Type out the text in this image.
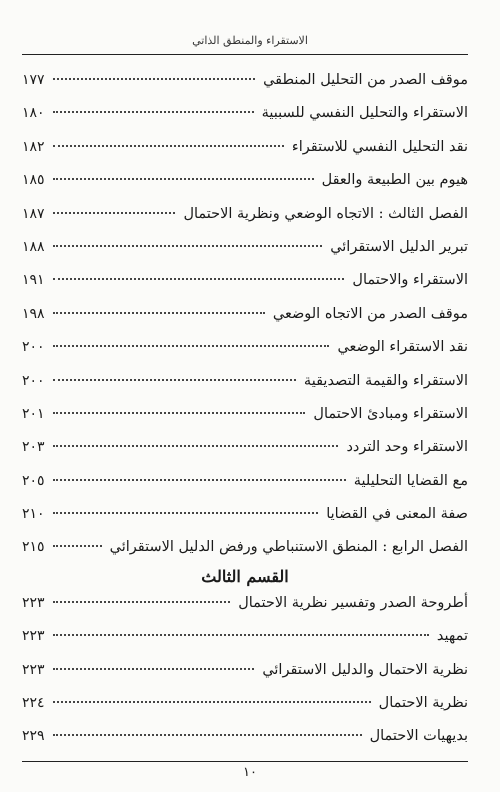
الاستقراء والمنطق الذاتي
موقف الصدر من التحليل المنطقي
١٧٧
الاستقراء والتحليل النفسي للسببية
١٨٠
نقد التحليل النفسي للاستقراء
١٨٢
هيوم بين الطبيعة والعقل
١٨٥
الفصل الثالث : الاتجاه الوضعي ونظرية الاحتمال
١٨٧
تبرير الدليل الاستقرائي
١٨٨
الاستقراء والاحتمال
١٩١
موقف الصدر من الاتجاه الوضعي
١٩٨
نقد الاستقراء الوضعي
٢٠٠
الاستقراء والقيمة التصديقية
٢٠٠
الاستقراء ومبادئ الاحتمال
٢٠١
الاستقراء وحد التردد
٢٠٣
مع القضايا التحليلية
٢٠٥
صفة المعنى في القضايا
٢١٠
الفصل الرابع : المنطق الاستنباطي ورفض الدليل الاستقرائي
٢١٥
القسم الثالث
أطروحة الصدر وتفسير نظرية الاحتمال
٢٢٣
تمهيد
٢٢٣
نظرية الاحتمال والدليل الاستقرائي
٢٢٣
نظرية الاحتمال
٢٢٤
بديهيات الاحتمال
٢٢٩
١٠
